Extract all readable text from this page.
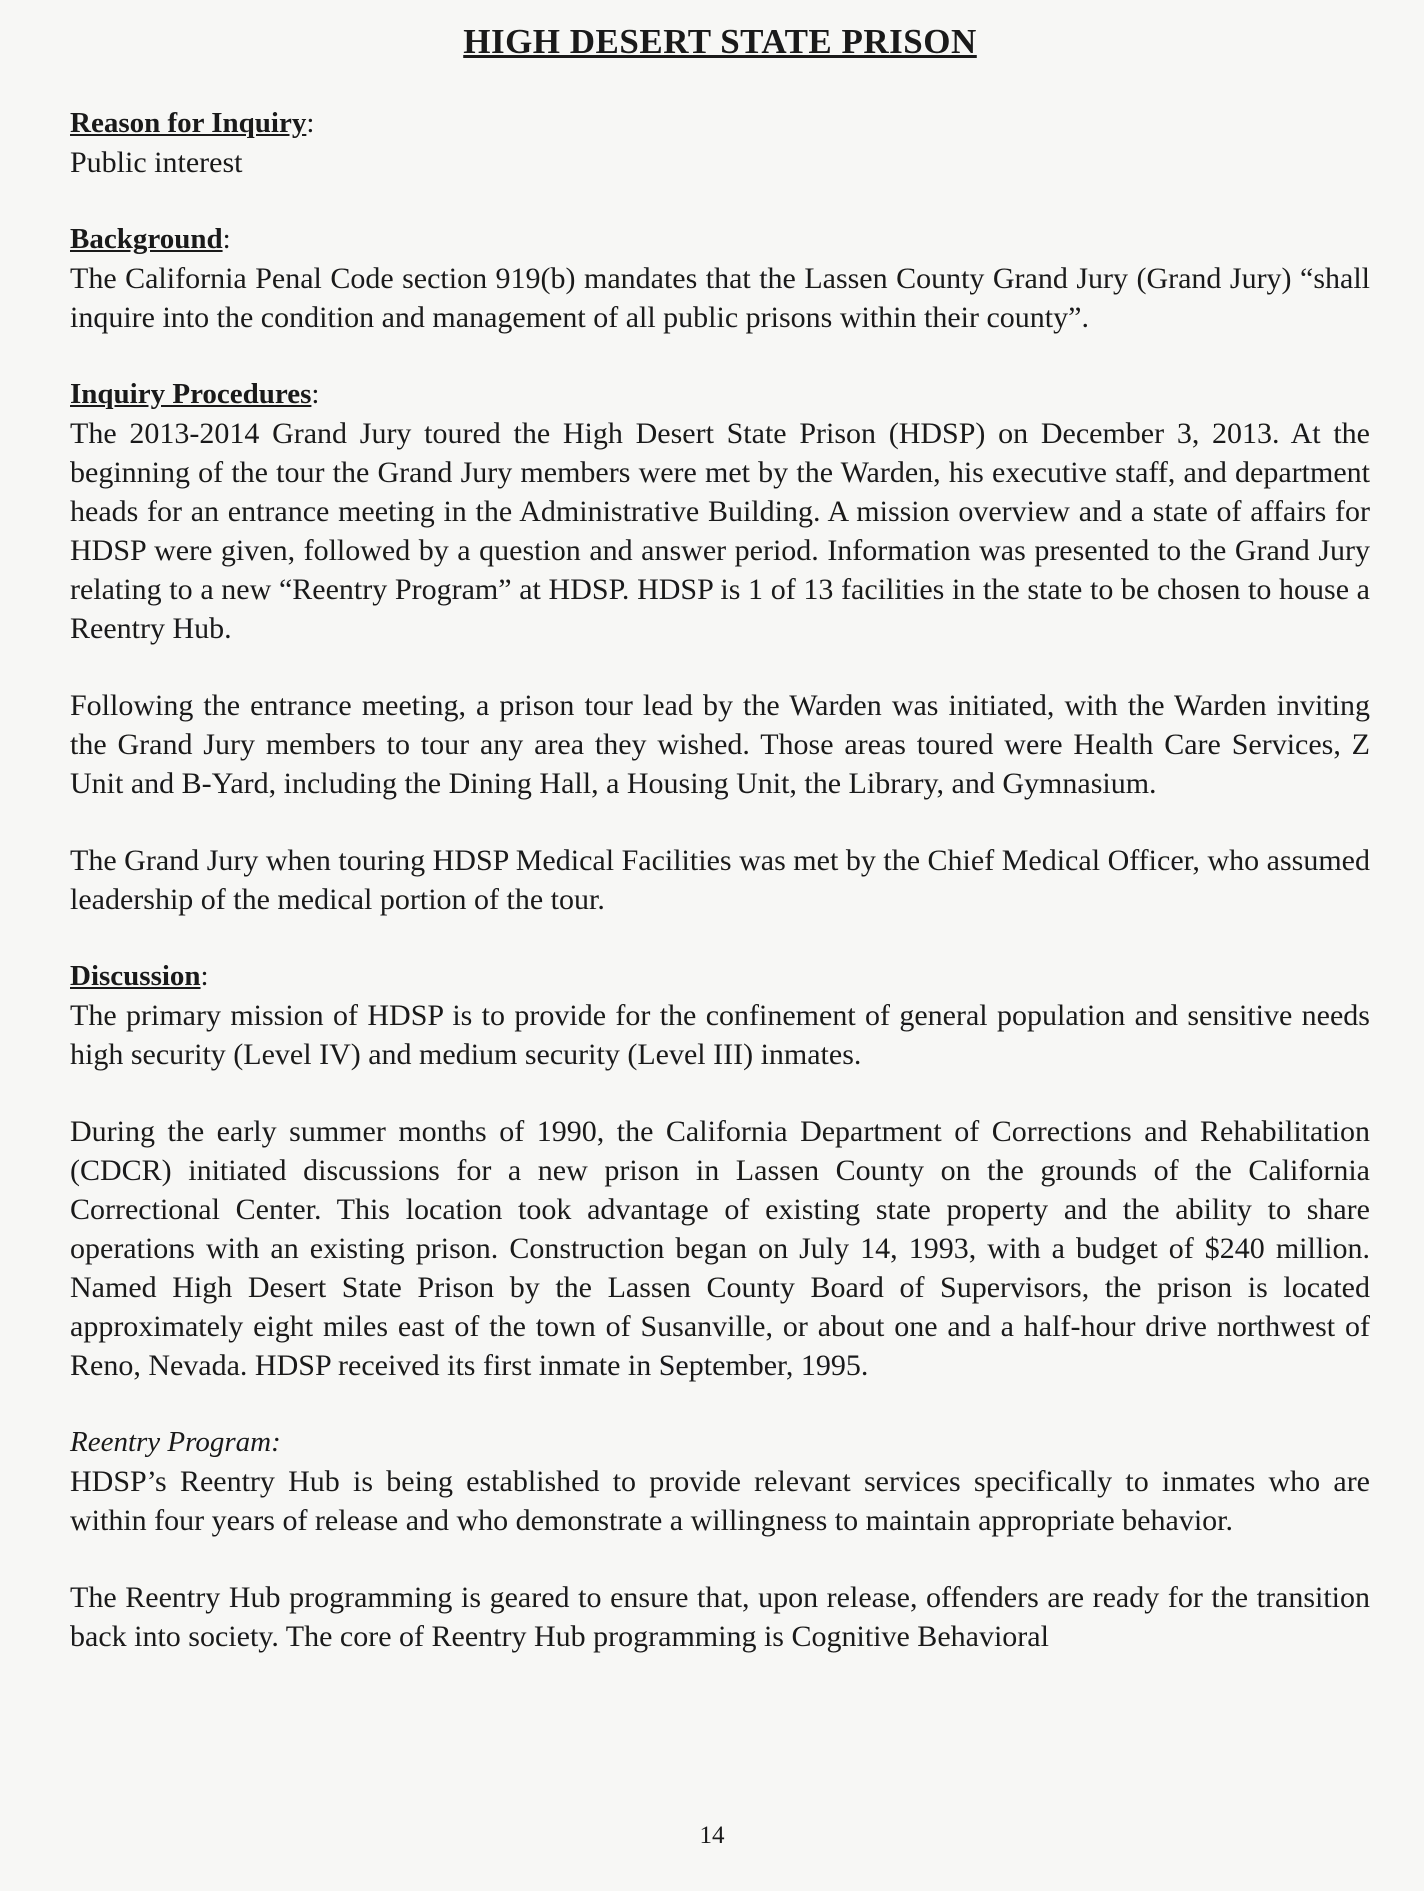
HIGH DESERT STATE PRISON
Reason for Inquiry:

Public interest

Background:

The California Penal Code section 919(b) mandates that the Lassen County Grand Jury (Grand Jury) “shall inquire into the condition and management of all public prisons within their county”.

Inquiry Procedures:

The 2013-2014 Grand Jury toured the High Desert State Prison (HDSP) on December 3, 2013. At the beginning of the tour the Grand Jury members were met by the Warden, his executive staff, and department heads for an entrance meeting in the Administrative Building. A mission overview and a state of affairs for HDSP were given, followed by a question and answer period. Information was presented to the Grand Jury relating to a new “Reentry Program” at HDSP. HDSP is 1 of 13 facilities in the state to be chosen to house a Reentry Hub.

Following the entrance meeting, a prison tour lead by the Warden was initiated, with the Warden inviting the Grand Jury members to tour any area they wished. Those areas toured were Health Care Services, Z Unit and B-Yard, including the Dining Hall, a Housing Unit, the Library, and Gymnasium.

The Grand Jury when touring HDSP Medical Facilities was met by the Chief Medical Officer, who assumed leadership of the medical portion of the tour.

Discussion:

The primary mission of HDSP is to provide for the confinement of general population and sensitive needs high security (Level IV) and medium security (Level III) inmates.

During the early summer months of 1990, the California Department of Corrections and Rehabilitation (CDCR) initiated discussions for a new prison in Lassen County on the grounds of the California Correctional Center. This location took advantage of existing state property and the ability to share operations with an existing prison. Construction began on July 14, 1993, with a budget of $240 million. Named High Desert State Prison by the Lassen County Board of Supervisors, the prison is located approximately eight miles east of the town of Susanville, or about one and a half-hour drive northwest of Reno, Nevada. HDSP received its first inmate in September, 1995.

Reentry Program:

HDSP’s Reentry Hub is being established to provide relevant services specifically to inmates who are within four years of release and who demonstrate a willingness to maintain appropriate behavior.

The Reentry Hub programming is geared to ensure that, upon release, offenders are ready for the transition back into society. The core of Reentry Hub programming is Cognitive Behavioral

14
